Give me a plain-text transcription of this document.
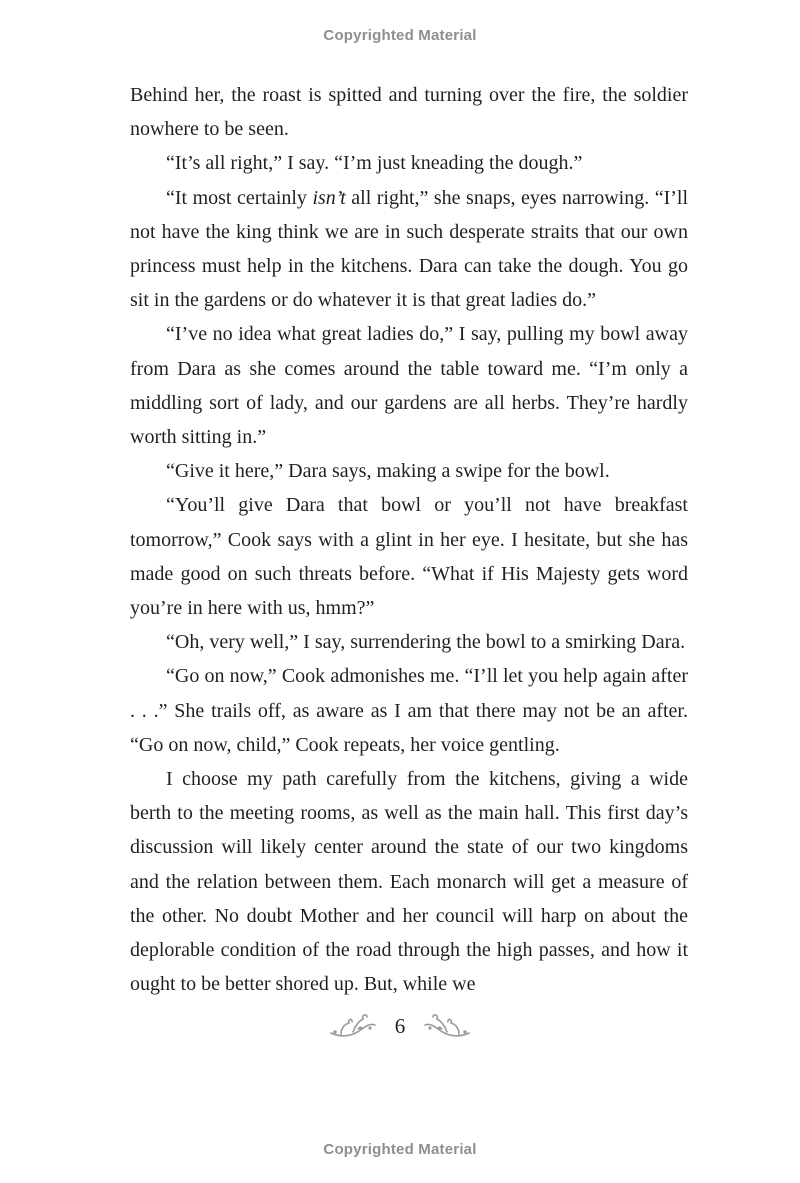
Copyrighted Material

Behind her, the roast is spitted and turning over the fire, the soldier nowhere to be seen.

“It’s all right,” I say. “I’m just kneading the dough.”

“It most certainly isn’t all right,” she snaps, eyes narrowing. “I’ll not have the king think we are in such desperate straits that our own princess must help in the kitchens. Dara can take the dough. You go sit in the gardens or do whatever it is that great ladies do.”

“I’ve no idea what great ladies do,” I say, pulling my bowl away from Dara as she comes around the table toward me. “I’m only a middling sort of lady, and our gardens are all herbs. They’re hardly worth sitting in.”

“Give it here,” Dara says, making a swipe for the bowl.

“You’ll give Dara that bowl or you’ll not have breakfast tomorrow,” Cook says with a glint in her eye. I hesitate, but she has made good on such threats before. “What if His Majesty gets word you’re in here with us, hmm?”

“Oh, very well,” I say, surrendering the bowl to a smirking Dara.

“Go on now,” Cook admonishes me. “I’ll let you help again after . . .” She trails off, as aware as I am that there may not be an after. “Go on now, child,” Cook repeats, her voice gentling.

I choose my path carefully from the kitchens, giving a wide berth to the meeting rooms, as well as the main hall. This first day’s discussion will likely center around the state of our two kingdoms and the relation between them. Each monarch will get a measure of the other. No doubt Mother and her council will harp on about the deplorable condition of the road through the high passes, and how it ought to be better shored up. But, while we

6
Copyrighted Material
